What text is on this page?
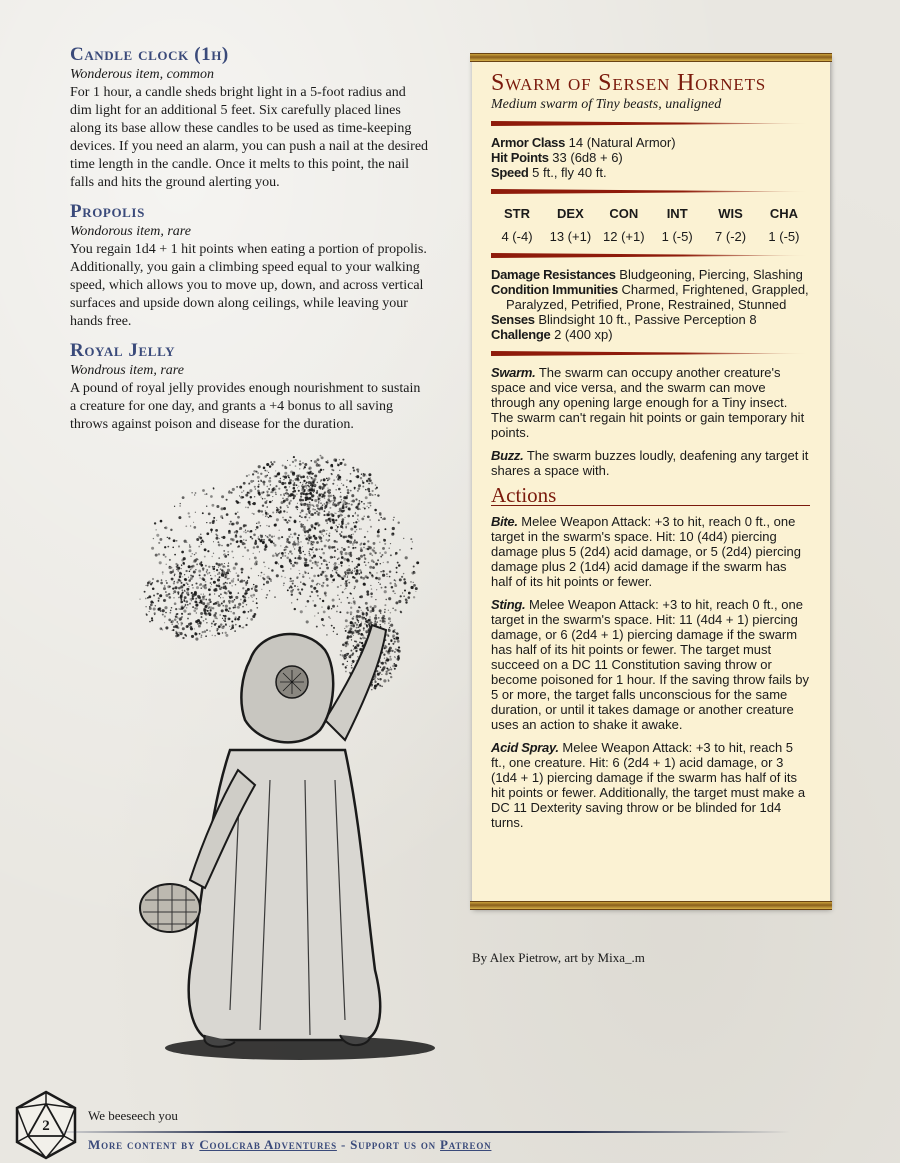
Candle clock (1h)

Wonderous item, common

For 1 hour, a candle sheds bright light in a 5-foot radius and dim light for an additional 5 feet. Six carefully placed lines along its base allow these candles to be used as time-keeping devices. If you need an alarm, you can push a nail at the desired time length in the candle. Once it melts to this point, the nail falls and hits the ground alerting you.

Propolis

Wondorous item, rare

You regain 1d4 + 1 hit points when eating a portion of propolis. Additionally, you gain a climbing speed equal to your walking speed, which allows you to move up, down, and across vertical surfaces and upside down along ceilings, while leaving your hands free.

Royal Jelly

Wondrous item, rare

A pound of royal jelly provides enough nourishment to sustain a creature for one day, and grants a +4 bonus to all saving throws against poison and disease for the duration.

Swarm of Sersen Hornets

Medium swarm of Tiny beasts, unaligned

Armor Class 14 (Natural Armor)

Hit Points 33 (6d8 + 6)

Speed 5 ft., fly 40 ft.

STR
4 (-4)
DEX
13 (+1)
CON
12 (+1)
INT
1 (-5)
WIS
7 (-2)
CHA
1 (-5)

Damage Resistances Bludgeoning, Piercing, Slashing

Condition Immunities Charmed, Frightened, Grappled, Paralyzed, Petrified, Prone, Restrained, Stunned

Senses Blindsight 10 ft., Passive Perception 8

Challenge 2 (400 xp)

Swarm. The swarm can occupy another creature's space and vice versa, and the swarm can move through any opening large enough for a Tiny insect. The swarm can't regain hit points or gain temporary hit points.

Buzz. The swarm buzzes loudly, deafening any target it shares a space with.

Actions

Bite. Melee Weapon Attack: +3 to hit, reach 0 ft., one target in the swarm's space. Hit: 10 (4d4) piercing damage plus 5 (2d4) acid damage, or 5 (2d4) piercing damage plus 2 (1d4) acid damage if the swarm has half of its hit points or fewer.

Sting. Melee Weapon Attack: +3 to hit, reach 0 ft., one target in the swarm's space. Hit: 11 (4d4 + 1) piercing damage, or 6 (2d4 + 1) piercing damage if the swarm has half of its hit points or fewer. The target must succeed on a DC 11 Constitution saving throw or become poisoned for 1 hour. If the saving throw fails by 5 or more, the target falls unconscious for the same duration, or until it takes damage or another creature uses an action to shake it awake.

Acid Spray. Melee Weapon Attack: +3 to hit, reach 5 ft., one creature. Hit: 6 (2d4 + 1) acid damage, or 3 (1d4 + 1) piercing damage if the swarm has half of its hit points or fewer. Additionally, the target must make a DC 11 Dexterity saving throw or be blinded for 1d4 turns.

By Alex Pietrow, art by Mixa_.m
2
We beeseech you
More content by Coolcrab Adventures - Support us on Patreon
